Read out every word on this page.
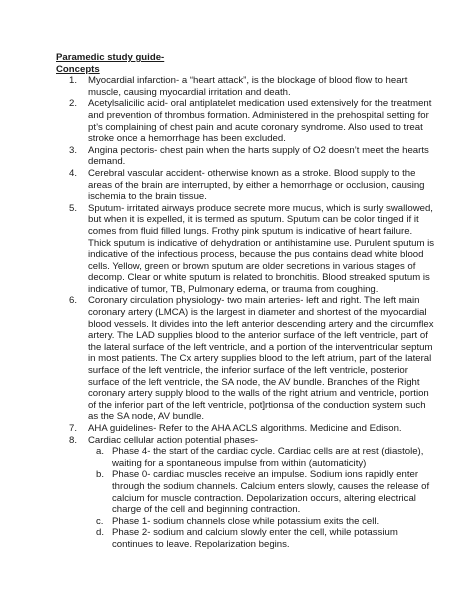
Paramedic study guide-
Concepts
1. Myocardial infarction- a “heart attack”, is the blockage of blood flow to heart muscle, causing myocardial irritation and death.
2. Acetylsalicilic acid- oral antiplatelet medication used extensively for the treatment and prevention of thrombus formation. Administered in the prehospital setting for pt’s complaining of chest pain and acute coronary syndrome. Also used to treat stroke once a hemorrhage has been excluded.
3. Angina pectoris- chest pain when the harts supply of O2 doesn’t meet the hearts demand.
4. Cerebral vascular accident- otherwise known as a stroke. Blood supply to the areas of the brain are interrupted, by either a hemorrhage or occlusion, causing ischemia to the brain tissue.
5. Sputum- irritated airways produce secrete more mucus, which is surly swallowed, but when it is expelled, it is termed as sputum. Sputum can be color tinged if it comes from fluid filled lungs. Frothy pink sputum is indicative of heart failure. Thick sputum is indicative of dehydration or antihistamine use. Purulent sputum is indicative of the infectious process, because the pus contains dead white blood cells. Yellow, green or brown sputum are older secretions in various stages of decomp. Clear or white sputum is related to bronchitis. Blood streaked sputum is indicative of tumor, TB, Pulmonary edema, or trauma from coughing.
6. Coronary circulation physiology- two main arteries- left and right. The left main coronary artery (LMCA) is the largest in diameter and shortest of the myocardial blood vessels. It divides into the left anterior descending artery and the circumflex artery. The LAD supplies blood to the anterior surface of the left ventricle, part of the lateral surface of the left ventricle, and a portion of the interventricular septum in most patients. The Cx artery supplies blood to the left atrium, part of the lateral surface of the left ventricle, the inferior surface of the left ventricle, posterior surface of the left ventricle, the SA node, the AV bundle. Branches of the Right coronary artery supply blood to the walls of the right atrium and ventricle, portion of the inferior part of the left ventricle, pot]rtionsa of the conduction system such as the SA node, AV bundle.
7. AHA guidelines- Refer to the AHA ACLS algorithms. Medicine and Edison.
8. Cardiac cellular action potential phases-
a. Phase 4- the start of the cardiac cycle. Cardiac cells are at rest (diastole), waiting for a spontaneous impulse from within (automaticity)
b. Phase 0- cardiac muscles receive an impulse. Sodium ions rapidly enter through the sodium channels. Calcium enters slowly, causes the release of calcium for muscle contraction. Depolarization occurs, altering electrical charge of the cell and beginning contraction.
c. Phase 1- sodium channels close while potassium exits the cell.
d. Phase 2- sodium and calcium slowly enter the cell, while potassium continues to leave. Repolarization begins.
